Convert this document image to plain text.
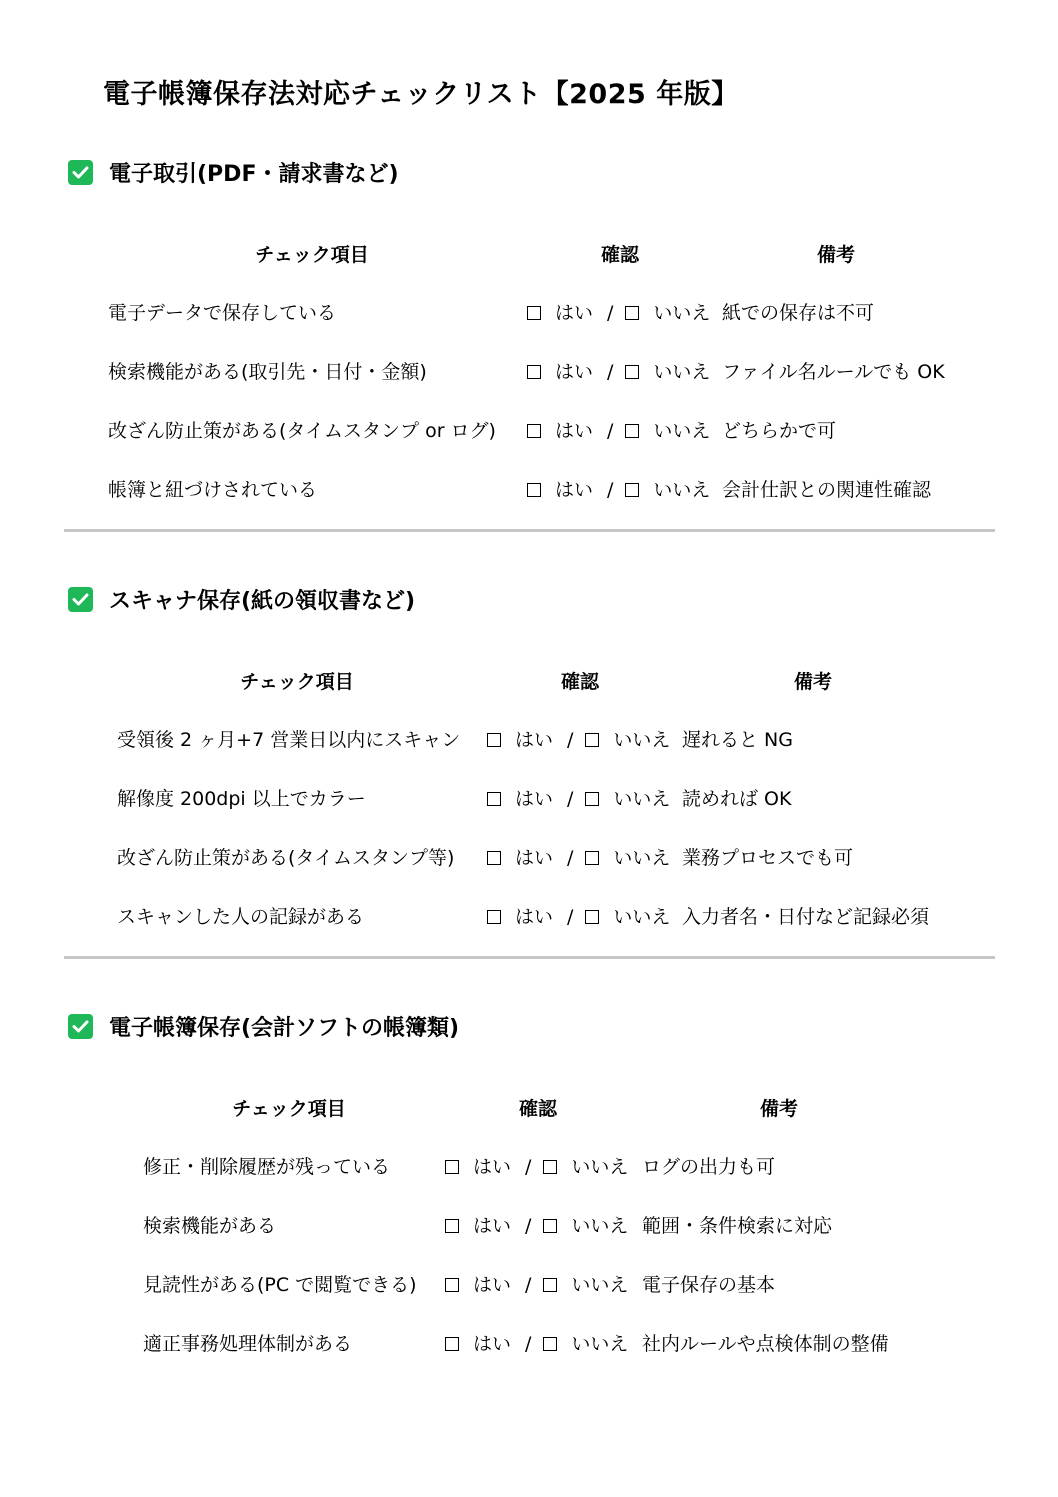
電子帳簿保存法対応チェックリスト【2025 年版】
電子取引(PDF・請求書など)
チェック項目	確認	備考
電子データで保存している	はい / いいえ 紙での保存は不可
検索機能がある(取引先・日付・金額)	はい / いいえ ファイル名ルールでも OK
改ざん防止策がある(タイムスタンプ or ログ)	はい / いいえ どちらかで可
帳簿と紐づけされている	はい / いいえ 会計仕訳との関連性確認
スキャナ保存(紙の領収書など)
チェック項目	確認	備考
受領後 2 ヶ月+7 営業日以内にスキャン	はい / いいえ 遅れると NG
解像度 200dpi 以上でカラー	はい / いいえ 読めれば OK
改ざん防止策がある(タイムスタンプ等)	はい / いいえ 業務プロセスでも可
スキャンした人の記録がある	はい / いいえ 入力者名・日付など記録必須
電子帳簿保存(会計ソフトの帳簿類)
チェック項目	確認	備考
修正・削除履歴が残っている	はい / いいえ ログの出力も可
検索機能がある	はい / いいえ 範囲・条件検索に対応
見読性がある(PC で閲覧できる)	はい / いいえ 電子保存の基本
適正事務処理体制がある	はい / いいえ 社内ルールや点検体制の整備
